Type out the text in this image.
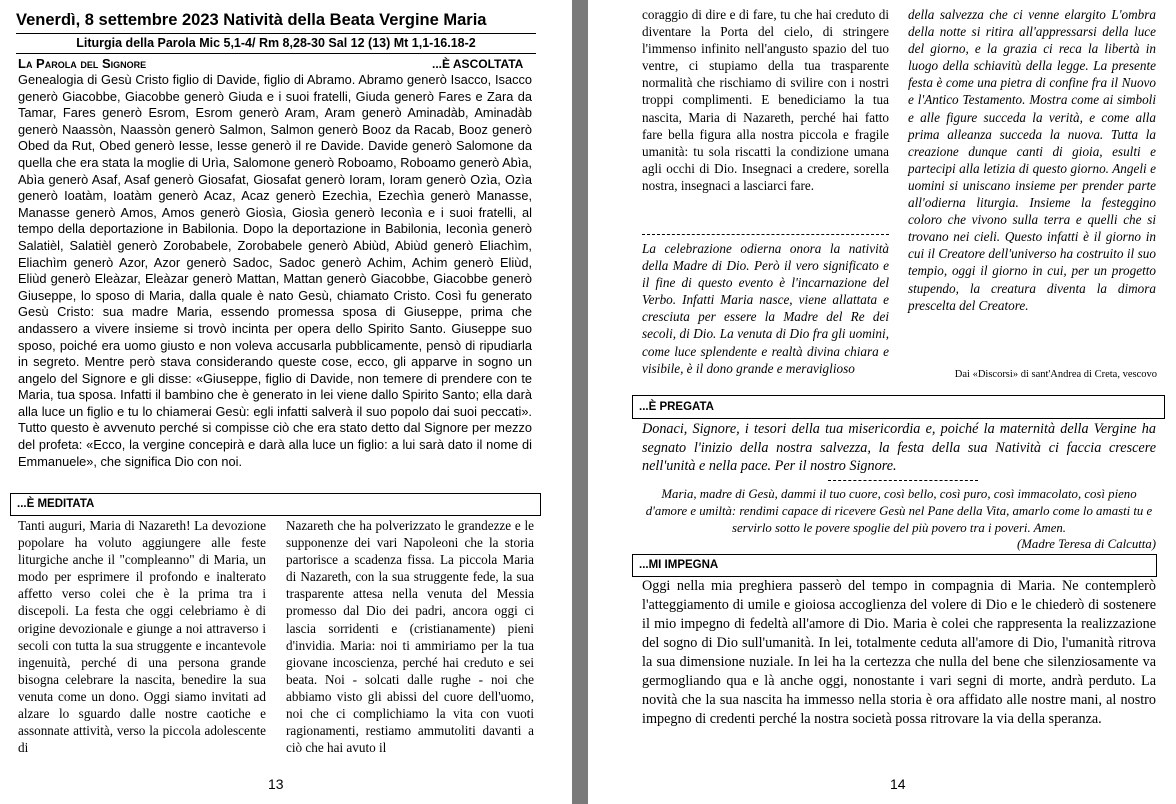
Venerdì, 8 settembre 2023 Natività della Beata Vergine Maria
Liturgia della Parola Mic 5,1-4/ Rm 8,28-30 Sal 12 (13) Mt 1,1-16.18-2
La Parola del Signore	...È ASCOLTATA
Genealogia di Gesù Cristo figlio di Davide, figlio di Abramo. Abramo generò Isacco, Isacco generò Giacobbe, Giacobbe generò Giuda e i suoi fratelli, Giuda generò Fares e Zara da Tamar, Fares generò Esrom, Esrom generò Aram, Aram generò Aminadàb, Aminadàb generò Naassòn, Naassòn generò Salmon, Salmon generò Booz da Racab, Booz generò Obed da Rut, Obed generò Iesse, Iesse generò il re Davide. Davide generò Salomone da quella che era stata la moglie di Urìa, Salomone generò Roboamo, Roboamo generò Abìa, Abìa generò Asaf, Asaf generò Giosafat, Giosafat generò Ioram, Ioram generò Ozìa, Ozìa generò Ioatàm, Ioatàm generò Acaz, Acaz generò Ezechìa, Ezechìa generò Manasse, Manasse generò Amos, Amos generò Giosìa, Giosìa generò Ieconìa e i suoi fratelli, al tempo della deportazione in Babilonia. Dopo la deportazione in Babilonia, Ieconìa generò Salatièl, Salatièl generò Zorobabele, Zorobabele generò Abiùd, Abiùd generò Eliachìm, Eliachìm generò Azor, Azor generò Sadoc, Sadoc generò Achim, Achim generò Eliùd, Eliùd generò Eleàzar, Eleàzar generò Mattan, Mattan generò Giacobbe, Giacobbe generò Giuseppe, lo sposo di Maria, dalla quale è nato Gesù, chiamato Cristo. Così fu generato Gesù Cristo: sua madre Maria, essendo promessa sposa di Giuseppe, prima che andassero a vivere insieme si trovò incinta per opera dello Spirito Santo. Giuseppe suo sposo, poiché era uomo giusto e non voleva accusarla pubblicamente, pensò di ripudiarla in segreto. Mentre però stava considerando queste cose, ecco, gli apparve in sogno un angelo del Signore e gli disse: «Giuseppe, figlio di Davide, non temere di prendere con te Maria, tua sposa. Infatti il bambino che è generato in lei viene dallo Spirito Santo; ella darà alla luce un figlio e tu lo chiamerai Gesù: egli infatti salverà il suo popolo dai suoi peccati». Tutto questo è avvenuto perché si compisse ciò che era stato detto dal Signore per mezzo del profeta: «Ecco, la vergine concepirà e darà alla luce un figlio: a lui sarà dato il nome di Emmanuele», che significa Dio con noi.
...È MEDITATA
Tanti auguri, Maria di Nazareth! La devozione popolare ha voluto aggiungere alle feste liturgiche anche il "compleanno" di Maria, un modo per esprimere il profondo e inalterato affetto verso colei che è la prima tra i discepoli. La festa che oggi celebriamo è di origine devozionale e giunge a noi attraverso i secoli con tutta la sua struggente e incantevole ingenuità, perché di una persona grande bisogna celebrare la nascita, benedire la sua venuta come un dono. Oggi siamo invitati ad alzare lo sguardo dalle nostre caotiche e assonnate attività, verso la piccola adolescente di
Nazareth che ha polverizzato le grandezze e le supponenze dei vari Napoleoni che la storia partorisce a scadenza fissa. La piccola Maria di Nazareth, con la sua struggente fede, la sua trasparente attesa nella venuta del Messia promesso dal Dio dei padri, ancora oggi ci lascia sorridenti e (cristianamente) pieni d'invidia. Maria: noi ti ammiriamo per la tua giovane incoscienza, perché hai creduto e sei beata. Noi - solcati dalle rughe - noi che abbiamo visto gli abissi del cuore dell'uomo, noi che ci complichiamo la vita con vuoti ragionamenti, restiamo ammutoliti davanti a ciò che hai avuto il
13
coraggio di dire e di fare, tu che hai creduto di diventare la Porta del cielo, di stringere l'immenso infinito nell'angusto spazio del tuo ventre, ci stupiamo della tua trasparente normalità che rischiamo di svilire con i nostri troppi complimenti. E benediciamo la tua nascita, Maria di Nazareth, perché hai fatto fare bella figura alla nostra piccola e fragile umanità: tu sola riscatti la condizione umana agli occhi di Dio. Insegnaci a credere, sorella nostra, insegnaci a lasciarci fare.
La celebrazione odierna onora la natività della Madre di Dio. Però il vero significato e il fine di questo evento è l'incarnazione del Verbo. Infatti Maria nasce, viene allattata e cresciuta per essere la Madre del Re dei secoli, di Dio. La venuta di Dio fra gli uomini, come luce splendente e realtà divina chiara e visibile, è il dono grande e meraviglioso
della salvezza che ci venne elargito L'ombra della notte si ritira all'appressarsi della luce del giorno, e la grazia ci reca la libertà in luogo della schiavitù della legge. La presente festa è come una pietra di confine fra il Nuovo e l'Antico Testamento. Mostra come ai simboli e alle figure succeda la verità, e come alla prima alleanza succeda la nuova. Tutta la creazione dunque canti di gioia, esulti e partecipi alla letizia di questo giorno. Angeli e uomini si uniscano insieme per prender parte all'odierna liturgia. Insieme la festeggino coloro che vivono sulla terra e quelli che si trovano nei cieli. Questo infatti è il giorno in cui il Creatore dell'universo ha costruito il suo tempio, oggi il giorno in cui, per un progetto stupendo, la creatura diventa la dimora prescelta del Creatore.
Dai «Discorsi» di sant'Andrea di Creta, vescovo
...È PREGATA
Donaci, Signore, i tesori della tua misericordia e, poiché la maternità della Vergine ha segnato l'inizio della nostra salvezza, la festa della sua Natività ci faccia crescere nell'unità e nella pace. Per il nostro Signore.
Maria, madre di Gesù, dammi il tuo cuore, così bello, così puro, così immacolato, così pieno d'amore e umiltà: rendimi capace di ricevere Gesù nel Pane della Vita, amarlo come lo amasti tu e servirlo sotto le povere spoglie del più povero tra i poveri. Amen.
(Madre Teresa di Calcutta)
...MI IMPEGNA
Oggi nella mia preghiera passerò del tempo in compagnia di Maria. Ne contemplerò l'atteggiamento di umile e gioiosa accoglienza del volere di Dio e le chiederò di sostenere il mio impegno di fedeltà all'amore di Dio. Maria è colei che rappresenta la realizzazione del sogno di Dio sull'umanità. In lei, totalmente ceduta all'amore di Dio, l'umanità ritrova la sua dimensione nuziale. In lei ha la certezza che nulla del bene che silenziosamente va germogliando qua e là anche oggi, nonostante i vari segni di morte, andrà perduto. La novità che la sua nascita ha immesso nella storia è ora affidato alle nostre mani, al nostro impegno di credenti perché la nostra società possa ritrovare la via della speranza.
14
